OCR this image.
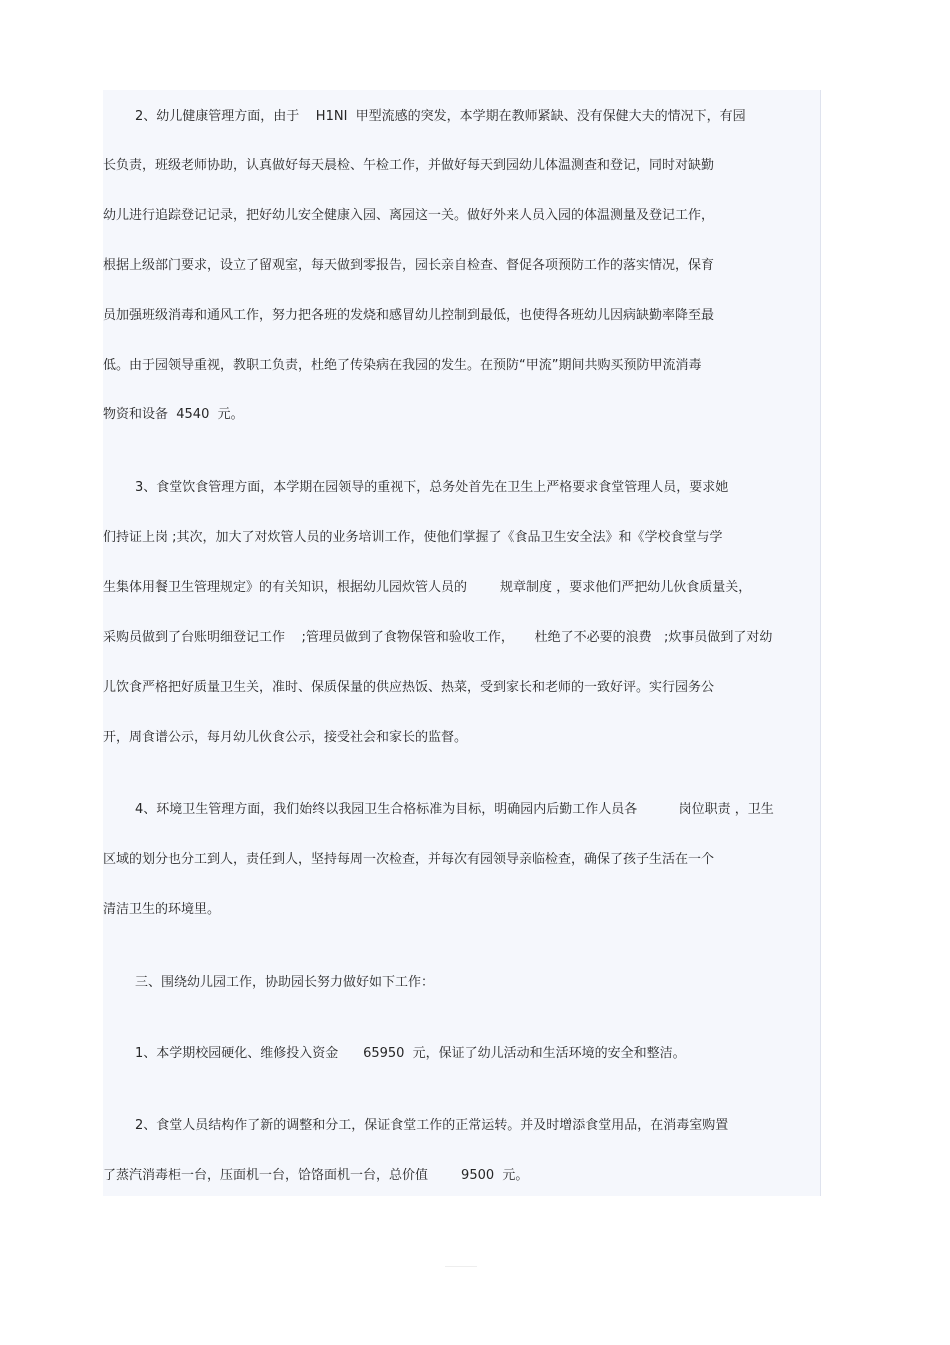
2、幼儿健康管理方面，由于    H1NI  甲型流感的突发，本学期在教师紧缺、没有保健大夫的情况下，有园
长负责，班级老师协助，认真做好每天晨检、午检工作，并做好每天到园幼儿体温测查和登记，同时对缺勤
幼儿进行追踪登记记录，把好幼儿安全健康入园、离园这一关。做好外来人员入园的体温测量及登记工作，
根据上级部门要求，设立了留观室，每天做到零报告，园长亲自检查、督促各项预防工作的落实情况，保育
员加强班级消毒和通风工作，努力把各班的发烧和感冒幼儿控制到最低，也使得各班幼儿因病缺勤率降至最
低。由于园领导重视，教职工负责，杜绝了传染病在我园的发生。在预防“甲流”期间共购买预防甲流消毒
物资和设备  4540  元。
3、食堂饮食管理方面，本学期在园领导的重视下，总务处首先在卫生上严格要求食堂管理人员，要求她
们持证上岗 ;其次，加大了对炊管人员的业务培训工作，使他们掌握了《食品卫生安全法》和《学校食堂与学
生集体用餐卫生管理规定》的有关知识，根据幼儿园炊管人员的        规章制度 ，要求他们严把幼儿伙食质量关，
采购员做到了台账明细登记工作    ;管理员做到了食物保管和验收工作，     杜绝了不必要的浪费   ;炊事员做到了对幼
儿饮食严格把好质量卫生关，准时、保质保量的供应热饭、热菜，受到家长和老师的一致好评。实行园务公
开，周食谱公示，每月幼儿伙食公示，接受社会和家长的监督。
4、环境卫生管理方面，我们始终以我园卫生合格标准为目标，明确园内后勤工作人员各          岗位职责 ，卫生
区域的划分也分工到人，责任到人，坚持每周一次检查，并每次有园领导亲临检查，确保了孩子生活在一个
清洁卫生的环境里。
三、围绕幼儿园工作，协助园长努力做好如下工作：
1、本学期校园硬化、维修投入资金      65950  元，保证了幼儿活动和生活环境的安全和整洁。
2、食堂人员结构作了新的调整和分工，保证食堂工作的正常运转。并及时增添食堂用品，在消毒室购置
了蒸汽消毒柜一台，压面机一台，饸饹面机一台，总价值        9500  元。
